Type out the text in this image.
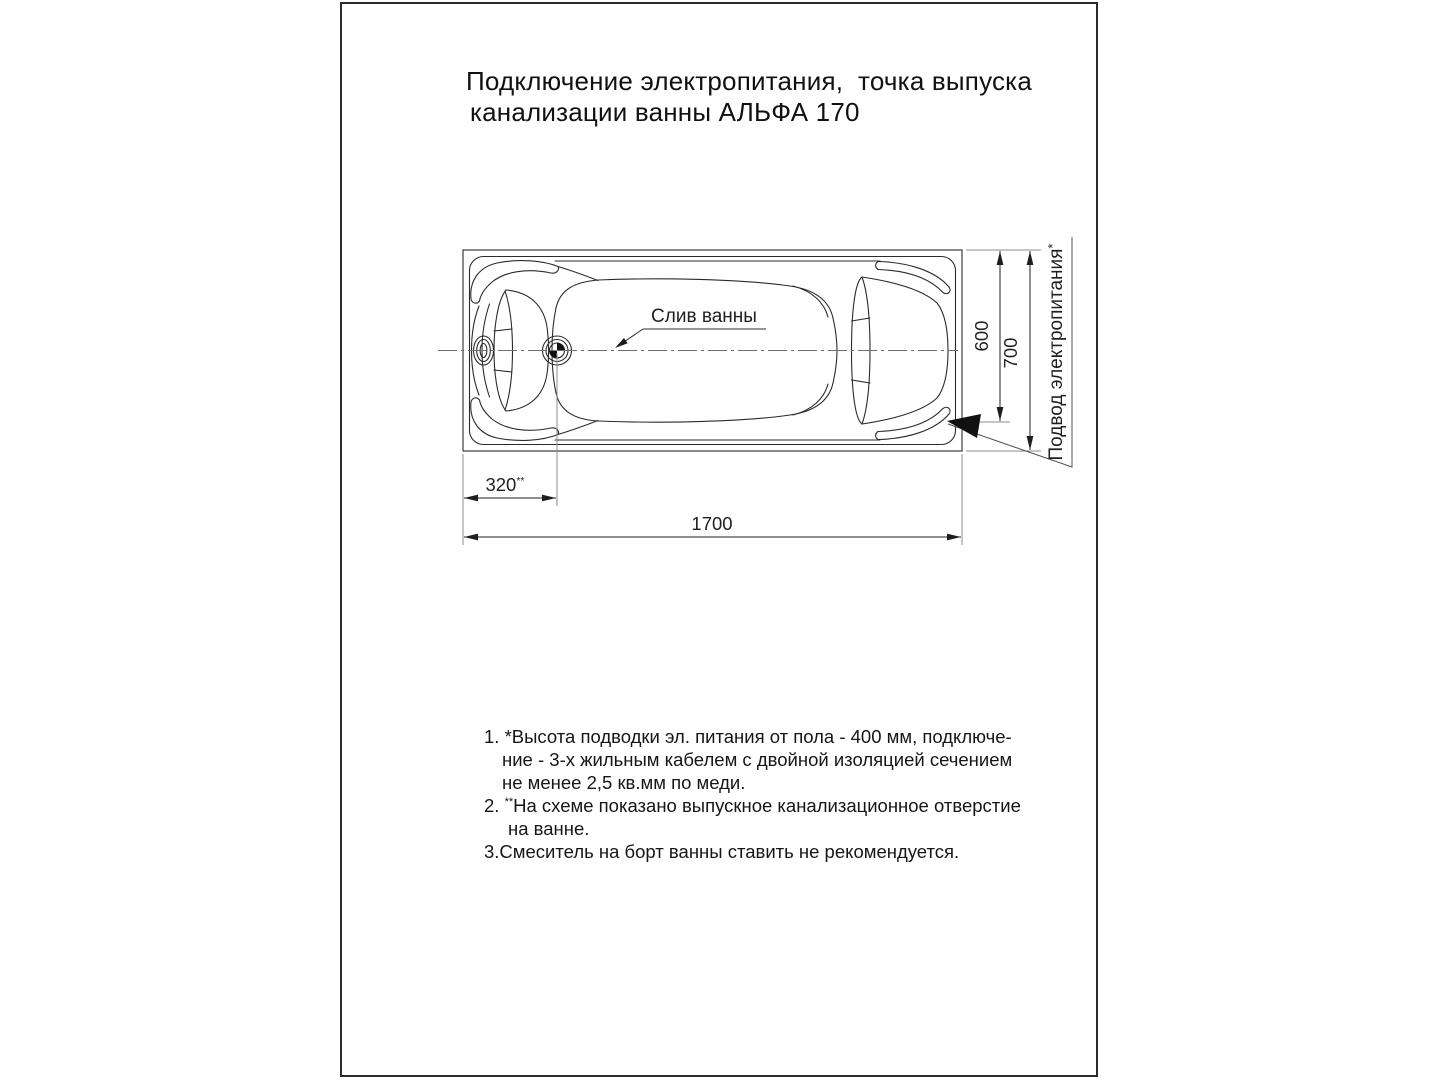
Подключение электропитания,  точка выпуска
канализации ванны АЛЬФА 170
320**
1700
600
700
Слив ванны	Подвод электропитания*
1. *Высота подводки эл. питания от пола - 400 мм, подключе-
ние - 3-х жильным кабелем с двойной изоляцией сечением
не менее 2,5 кв.мм по меди.
2. **На схеме показано выпускное канализационное отверстие
на ванне.
3.Смеситель на борт ванны ставить не рекомендуется.
